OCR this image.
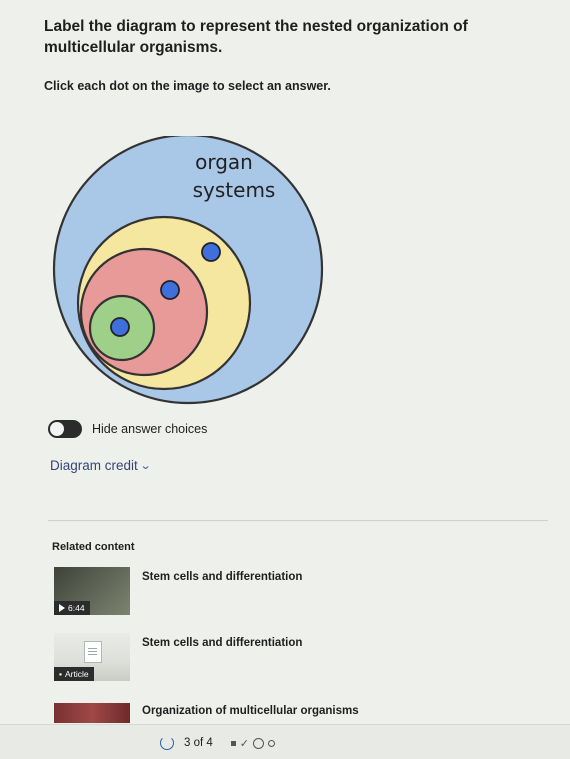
Label the diagram to represent the nested organization of multicellular organisms.
Click each dot on the image to select an answer.
organ
systems
Hide answer choices
Diagram credit ⌄
Related content
6:44
Stem cells and differentiation
▪ Article
Stem cells and differentiation
Organization of multicellular organisms
3 of 4 ✓
